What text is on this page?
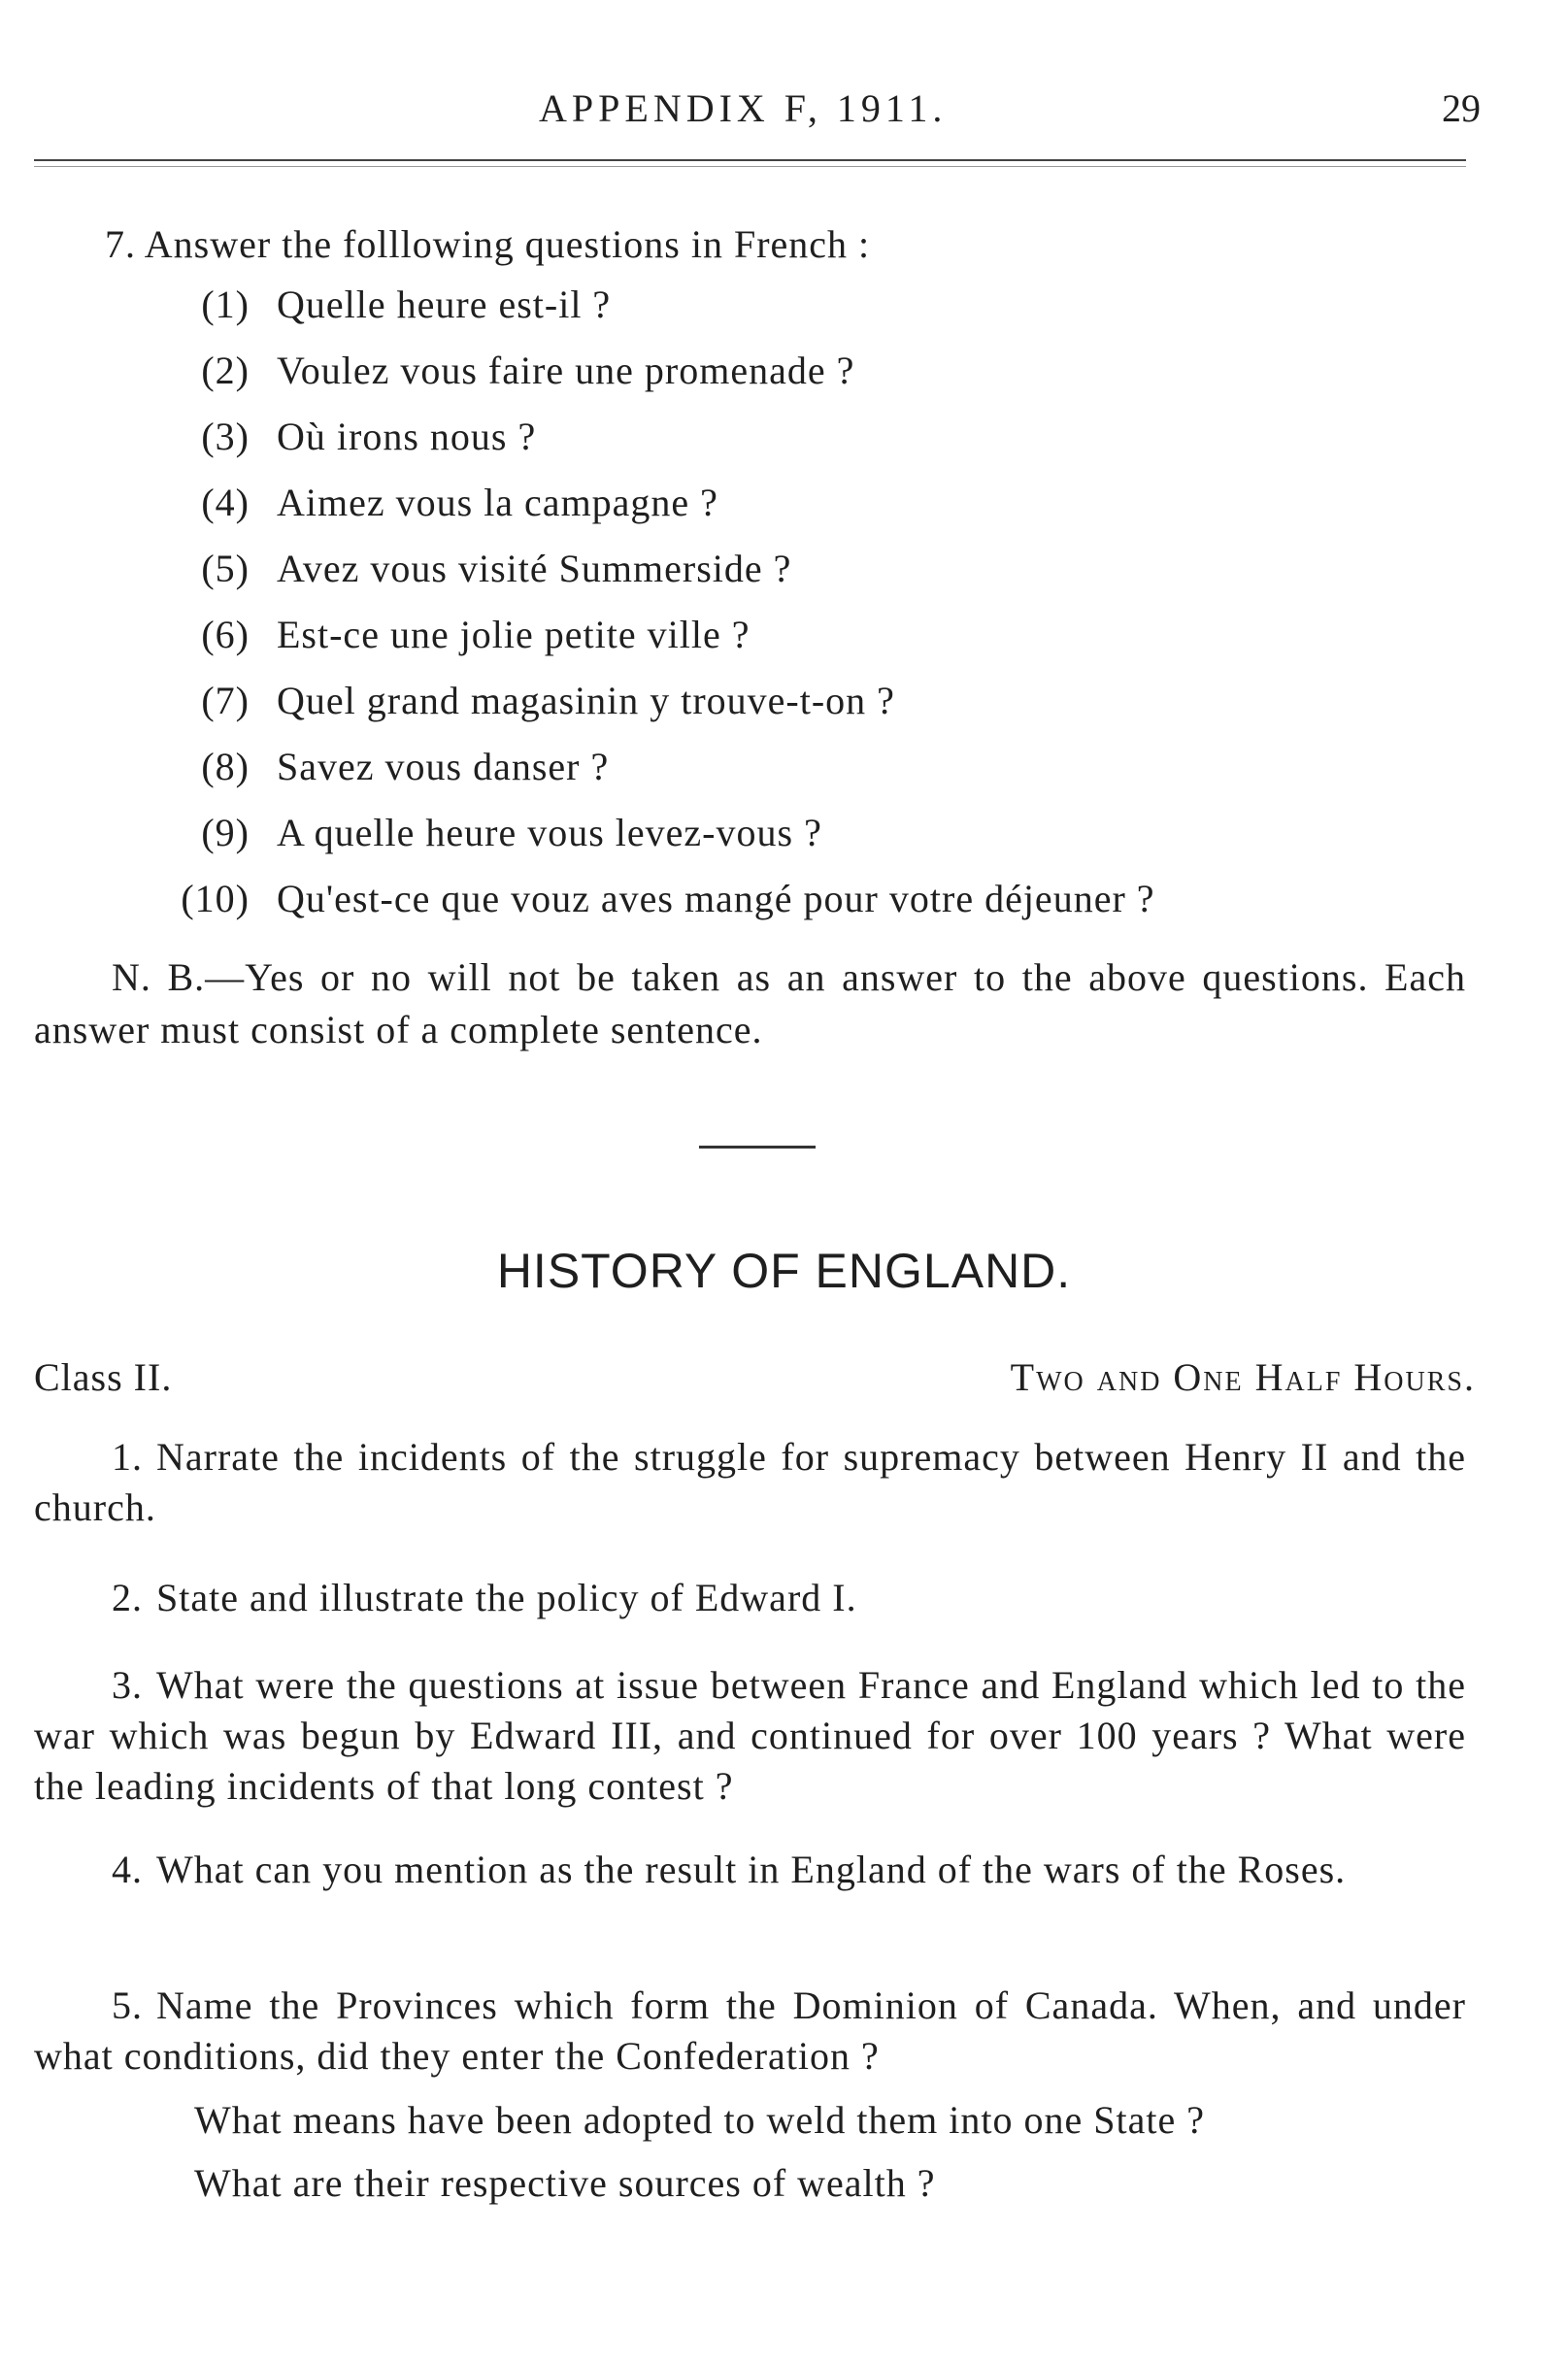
APPENDIX F, 1911.	29
7. Answer the folllowing questions in French :
(1) Quelle heure est-il ?
(2) Voulez vous faire une promenade ?
(3) Où irons nous ?
(4) Aimez vous la campagne ?
(5) Avez vous visité Summerside ?
(6) Est-ce une jolie petite ville ?
(7) Quel grand magasinin y trouve-t-on ?
(8) Savez vous danser ?
(9) A quelle heure vous levez-vous ?
(10) Qu'est-ce que vouz aves mangé pour votre déjeuner ?
N. B.—Yes or no will not be taken as an answer to the above questions. Each answer must consist of a complete sentence.
HISTORY OF ENGLAND.
Class II.	Two and One Half Hours.
1. Narrate the incidents of the struggle for supremacy between Henry II and the church.
2. State and illustrate the policy of Edward I.
3. What were the questions at issue between France and England which led to the war which was begun by Edward III, and continued for over 100 years ? What were the leading incidents of that long contest ?
4. What can you mention as the result in England of the wars of the Roses.
5. Name the Provinces which form the Dominion of Canada. When, and under what conditions, did they enter the Confederation ?
What means have been adopted to weld them into one State ?
What are their respective sources of wealth ?
